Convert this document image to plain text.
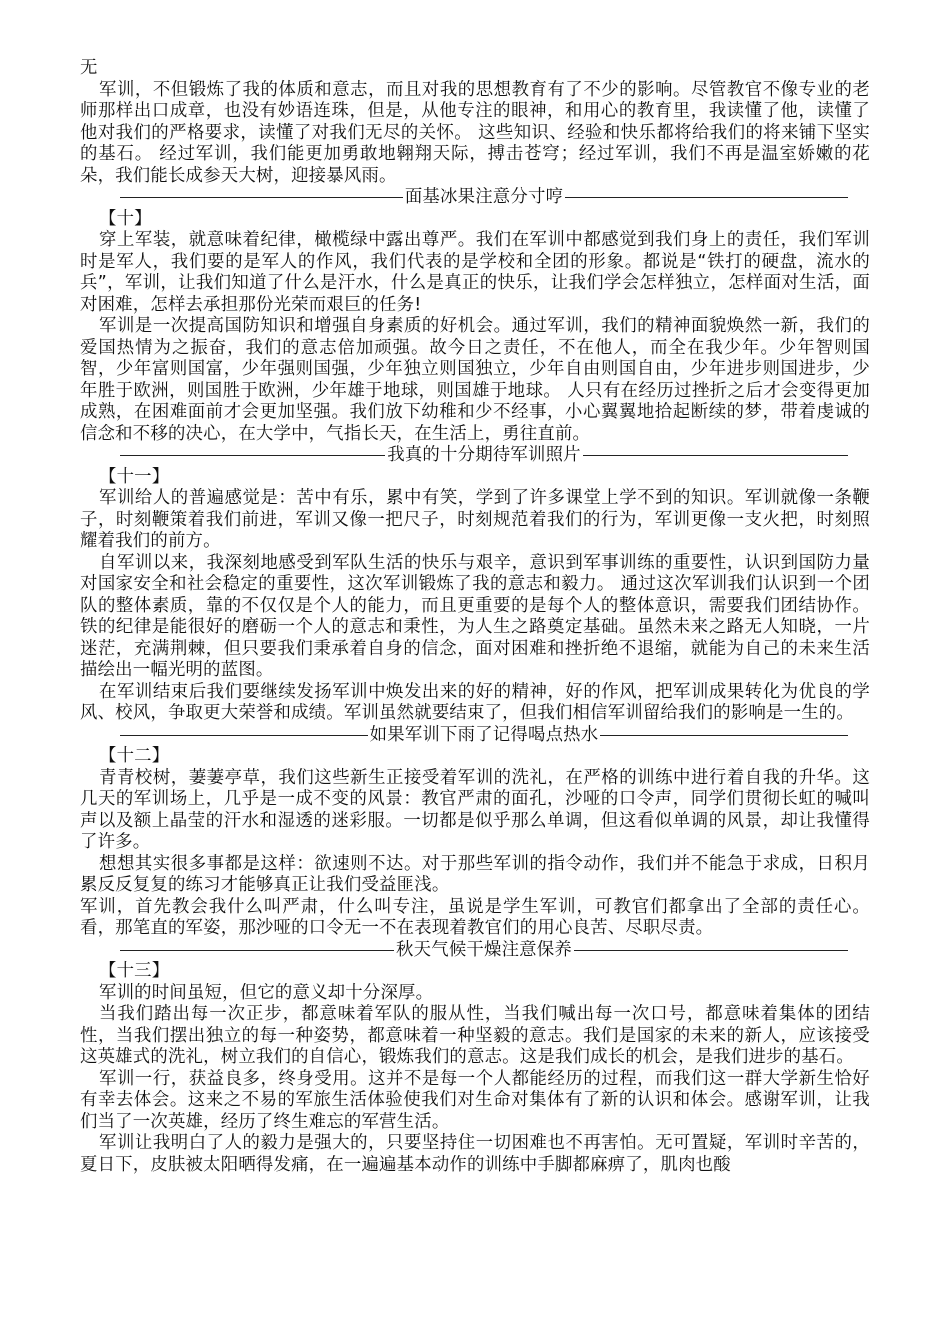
无

军训，不但锻炼了我的体质和意志，而且对我的思想教育有了不少的影响。尽管教官不像专业的老师那样出口成章，也没有妙语连珠，但是，从他专注的眼神，和用心的教育里，我读懂了他，读懂了他对我们的严格要求，读懂了对我们无尽的关怀。 这些知识、经验和快乐都将给我们的将来铺下坚实的基石。 经过军训，我们能更加勇敢地翱翔天际，搏击苍穹；经过军训，我们不再是温室娇嫩的花朵，我们能长成参天大树，迎接暴风雨。

面基冰果注意分寸哼
【十】

穿上军装，就意味着纪律，橄榄绿中露出尊严。我们在军训中都感觉到我们身上的责任，我们军训时是军人，我们要的是军人的作风，我们代表的是学校和全团的形象。都说是“铁打的硬盘，流水的兵”，军训，让我们知道了什么是汗水，什么是真正的快乐，让我们学会怎样独立，怎样面对生活，面对困难，怎样去承担那份光荣而艰巨的任务!

军训是一次提高国防知识和增强自身素质的好机会。通过军训，我们的精神面貌焕然一新，我们的爱国热情为之振奋，我们的意志倍加顽强。故今日之责任，不在他人，而全在我少年。少年智则国智，少年富则国富，少年强则国强，少年独立则国独立，少年自由则国自由，少年进步则国进步，少年胜于欧洲，则国胜于欧洲，少年雄于地球，则国雄于地球。 人只有在经历过挫折之后才会变得更加成熟，在困难面前才会更加坚强。我们放下幼稚和少不经事，小心翼翼地拾起断续的梦，带着虔诚的信念和不移的决心，在大学中，气指长天，在生活上，勇往直前。

我真的十分期待军训照片
【十一】

军训给人的普遍感觉是：苦中有乐，累中有笑，学到了许多课堂上学不到的知识。军训就像一条鞭子，时刻鞭策着我们前进，军训又像一把尺子，时刻规范着我们的行为，军训更像一支火把，时刻照耀着我们的前方。

自军训以来，我深刻地感受到军队生活的快乐与艰辛，意识到军事训练的重要性，认识到国防力量对国家安全和社会稳定的重要性，这次军训锻炼了我的意志和毅力。 通过这次军训我们认识到一个团队的整体素质，靠的不仅仅是个人的能力，而且更重要的是每个人的整体意识，需要我们团结协作。 铁的纪律是能很好的磨砺一个人的意志和秉性，为人生之路奠定基础。虽然未来之路无人知晓，一片迷茫，充满荆棘，但只要我们秉承着自身的信念，面对困难和挫折绝不退缩，就能为自己的未来生活描绘出一幅光明的蓝图。

在军训结束后我们要继续发扬军训中焕发出来的好的精神，好的作风，把军训成果转化为优良的学风、校风，争取更大荣誉和成绩。军训虽然就要结束了，但我们相信军训留给我们的影响是一生的。

如果军训下雨了记得喝点热水
【十二】

青青校树，萋萋亭草，我们这些新生正接受着军训的洗礼，在严格的训练中进行着自我的升华。这几天的军训场上，几乎是一成不变的风景：教官严肃的面孔，沙哑的口令声，同学们贯彻长虹的喊叫声以及额上晶莹的汗水和湿透的迷彩服。一切都是似乎那么单调，但这看似单调的风景，却让我懂得了许多。

想想其实很多事都是这样：欲速则不达。对于那些军训的指令动作，我们并不能急于求成，日积月累反反复复的练习才能够真正让我们受益匪浅。

军训，首先教会我什么叫严肃，什么叫专注，虽说是学生军训，可教官们都拿出了全部的责任心。看，那笔直的军姿，那沙哑的口令无一不在表现着教官们的用心良苦、尽职尽责。

秋天气候干燥注意保养
【十三】

军训的时间虽短，但它的意义却十分深厚。

当我们踏出每一次正步，都意味着军队的服从性，当我们喊出每一次口号，都意味着集体的团结性，当我们摆出独立的每一种姿势，都意味着一种坚毅的意志。我们是国家的未来的新人，应该接受这英雄式的洗礼，树立我们的自信心，锻炼我们的意志。这是我们成长的机会，是我们进步的基石。

军训一行，获益良多，终身受用。这并不是每一个人都能经历的过程，而我们这一群大学新生恰好有幸去体会。这来之不易的军旅生活体验使我们对生命对集体有了新的认识和体会。感谢军训，让我们当了一次英雄，经历了终生难忘的军营生活。

军训让我明白了人的毅力是强大的，只要坚持住一切困难也不再害怕。无可置疑，军训时辛苦的，夏日下，皮肤被太阳晒得发痛，在一遍遍基本动作的训练中手脚都麻痹了，肌肉也酸
